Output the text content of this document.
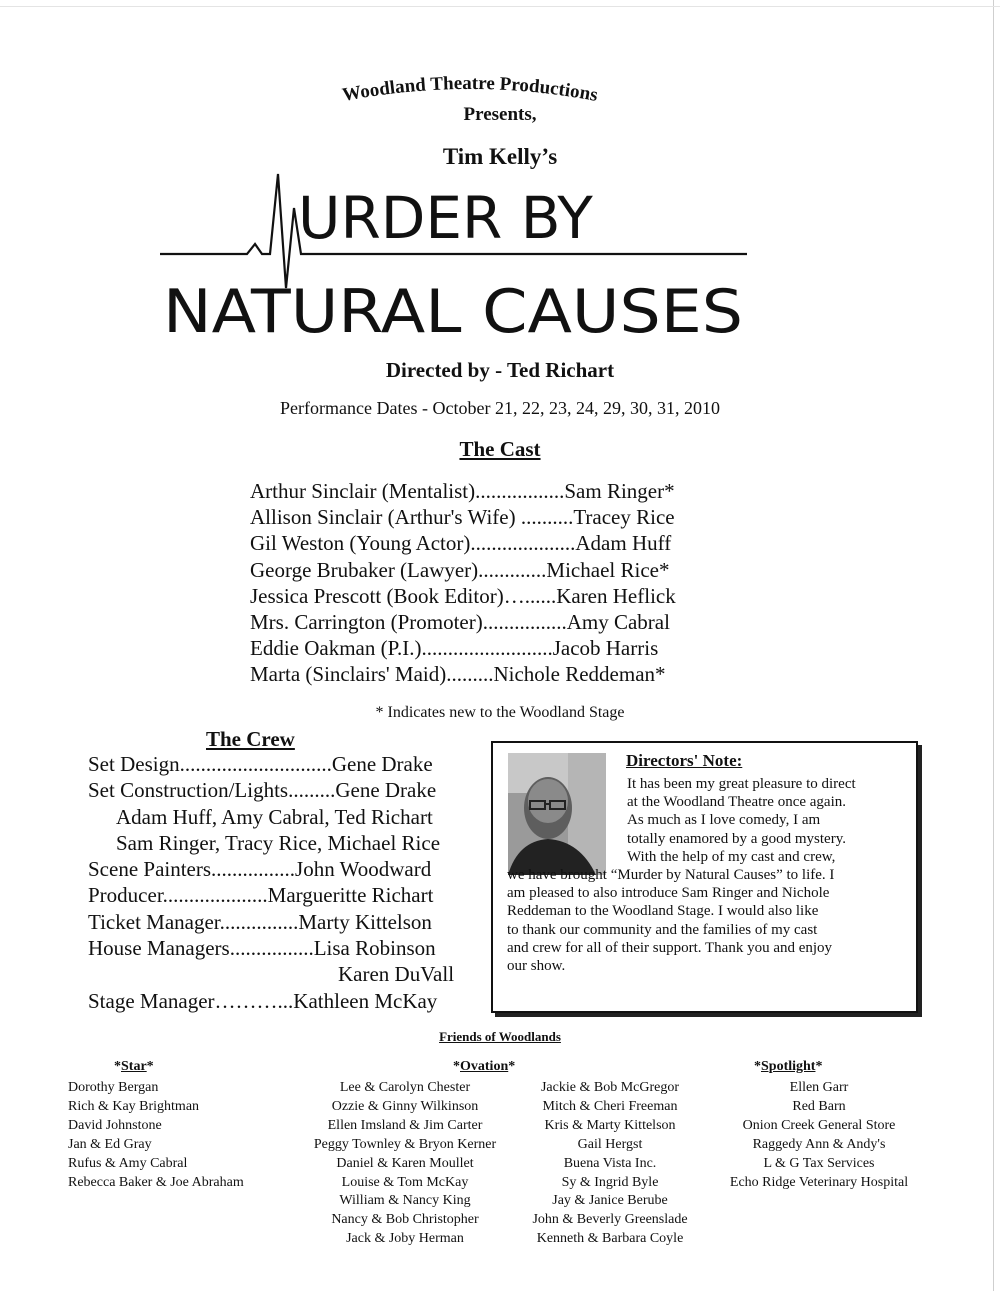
Woodland Theatre Productions
Presents,
Tim Kelly’s
URDER BY
NATURAL CAUSES
M
Directed by - Ted Richart
Performance Dates - October 21, 22, 23, 24, 29, 30, 31, 2010
The Cast
Arthur Sinclair (Mentalist).................Sam Ringer*
Allison Sinclair (Arthur's Wife) ..........Tracey Rice
Gil Weston (Young Actor)....................Adam Huff
George Brubaker (Lawyer).............Michael Rice*
Jessica Prescott (Book Editor)…......Karen Heflick
Mrs. Carrington (Promoter)................Amy Cabral
Eddie Oakman (P.I.).........................Jacob Harris
Marta (Sinclairs' Maid).........Nichole Reddeman*
* Indicates new to the Woodland Stage
The Crew
Set Design.............................Gene Drake
Set Construction/Lights.........Gene Drake
Adam Huff, Amy Cabral, Ted Richart
Sam Ringer, Tracy Rice, Michael Rice
Scene Painters................John Woodward
Producer....................Margueritte Richart
Ticket Manager...............Marty Kittelson
House Managers................Lisa Robinson
Karen DuVall
Stage Manager………...Kathleen McKay
Directors' Note:
It has been my great pleasure to direct
at the Woodland Theatre once again.
As much as I love comedy, I am
totally enamored by a good mystery.
With the help of my cast and crew,
we have brought “Murder by Natural Causes” to life. I
am pleased to also introduce Sam Ringer and Nichole
Reddeman to the Woodland Stage. I would also like
to thank our community and the families of my cast
and crew for all of their support. Thank you and enjoy
our show.
Friends of Woodlands
*Star*
Dorothy Bergan
Rich & Kay Brightman
David Johnstone
Jan & Ed Gray
Rufus & Amy Cabral
Rebecca Baker & Joe Abraham
*Ovation*
Lee & Carolyn Chester
Ozzie & Ginny Wilkinson
Ellen Imsland & Jim Carter
Peggy Townley & Bryon Kerner
Daniel & Karen Moullet
Louise & Tom McKay
William & Nancy King
Nancy & Bob Christopher
Jack & Joby Herman
Jackie & Bob McGregor
Mitch & Cheri Freeman
Kris & Marty Kittelson
Gail Hergst
Buena Vista Inc.
Sy & Ingrid Byle
Jay & Janice Berube
John & Beverly Greenslade
Kenneth & Barbara Coyle
*Spotlight*
Ellen Garr
Red Barn
Onion Creek General Store
Raggedy Ann & Andy's
L & G Tax Services
Echo Ridge Veterinary Hospital
